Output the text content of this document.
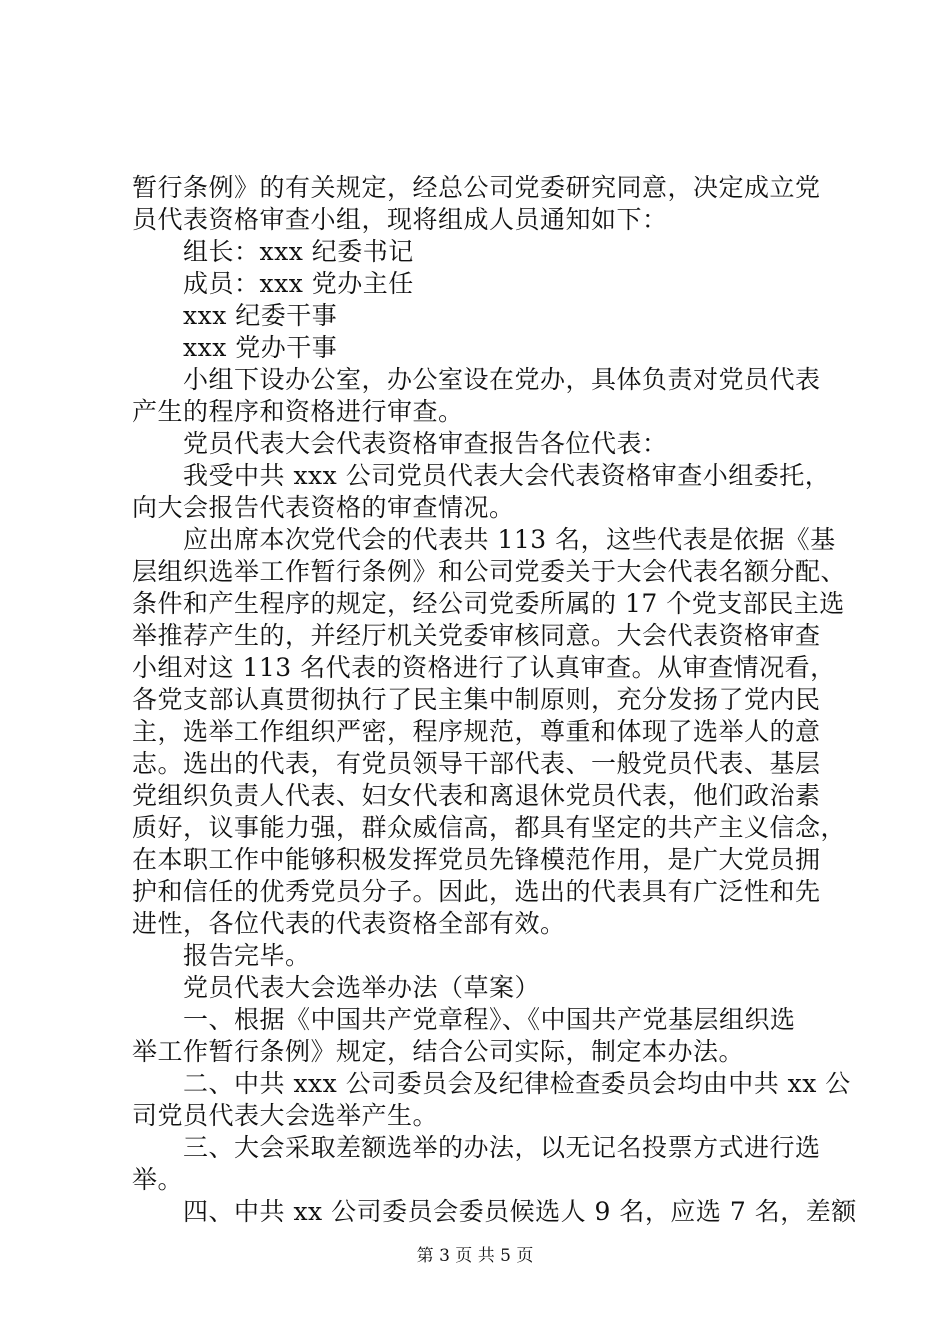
暂行条例》的有关规定，经总公司党委研究同意，决定成立党
员代表资格审查小组，现将组成人员通知如下：
　　组长：xxx 纪委书记
　　成员：xxx 党办主任
　　xxx 纪委干事
　　xxx 党办干事
　　小组下设办公室，办公室设在党办，具体负责对党员代表
产生的程序和资格进行审查。
　　党员代表大会代表资格审查报告各位代表：
　　我受中共 xxx 公司党员代表大会代表资格审查小组委托，
向大会报告代表资格的审查情况。
　　应出席本次党代会的代表共 113 名，这些代表是依据《基
层组织选举工作暂行条例》和公司党委关于大会代表名额分配、
条件和产生程序的规定，经公司党委所属的 17 个党支部民主选
举推荐产生的，并经厅机关党委审核同意。大会代表资格审查
小组对这 113 名代表的资格进行了认真审查。从审查情况看，
各党支部认真贯彻执行了民主集中制原则，充分发扬了党内民
主，选举工作组织严密，程序规范，尊重和体现了选举人的意
志。选出的代表，有党员领导干部代表、一般党员代表、基层
党组织负责人代表、妇女代表和离退休党员代表，他们政治素
质好，议事能力强，群众威信高，都具有坚定的共产主义信念，
在本职工作中能够积极发挥党员先锋模范作用，是广大党员拥
护和信任的优秀党员分子。因此，选出的代表具有广泛性和先
进性，各位代表的代表资格全部有效。
　　报告完毕。
　　党员代表大会选举办法（草案）
　　一、根据《中国共产党章程》、《中国共产党基层组织选
举工作暂行条例》规定，结合公司实际，制定本办法。
　　二、中共 xxx 公司委员会及纪律检查委员会均由中共 xx 公
司党员代表大会选举产生。
　　三、大会采取差额选举的办法，以无记名投票方式进行选
举。
　　四、中共 xx 公司委员会委员候选人 9 名，应选 7 名，差额
第 3 页 共 5 页
